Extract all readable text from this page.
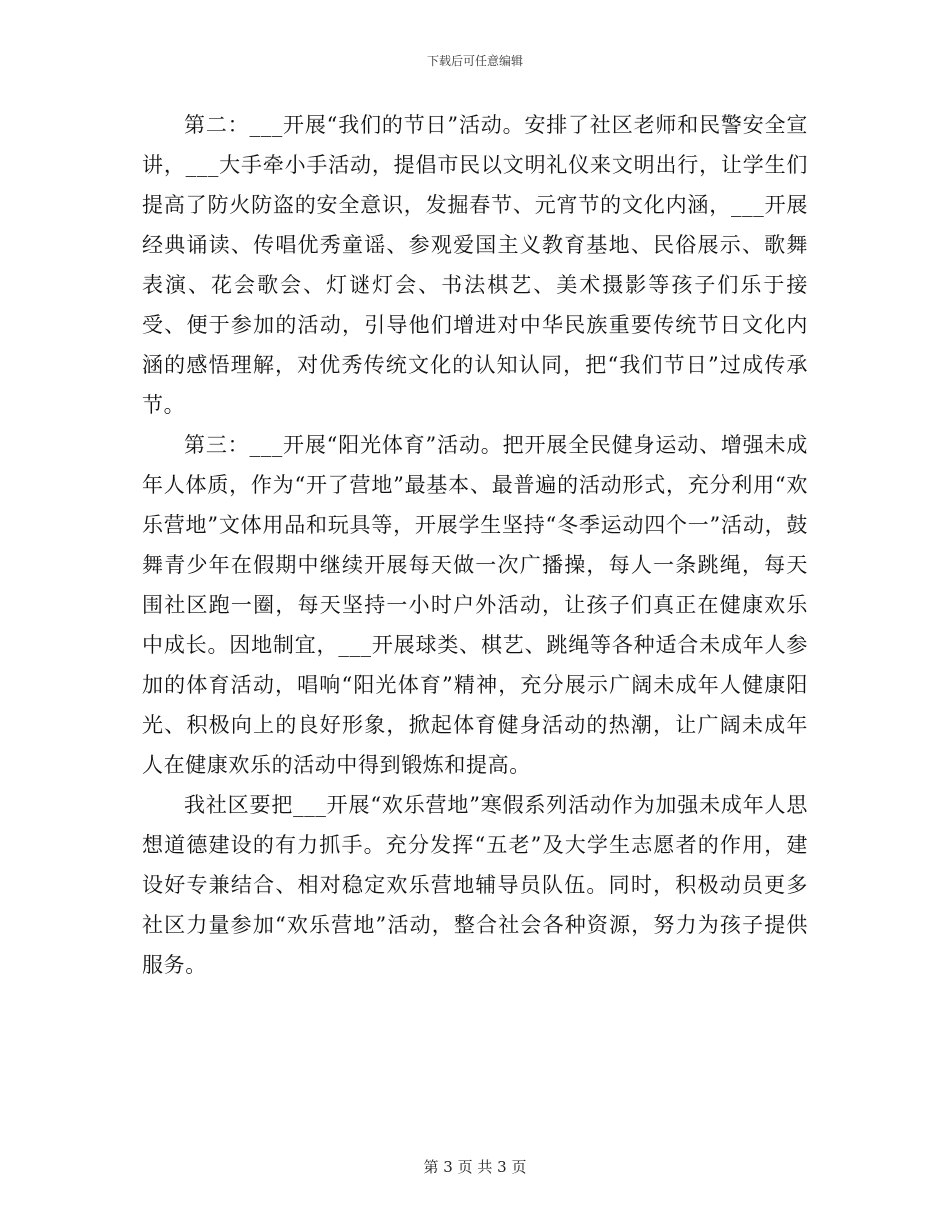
下载后可任意编辑

第二：___开展“我们的节日”活动。安排了社区老师和民警安全宣讲，___大手牵小手活动，提倡市民以文明礼仪来文明出行，让学生们提高了防火防盗的安全意识，发掘春节、元宵节的文化内涵，___开展经典诵读、传唱优秀童谣、参观爱国主义教育基地、民俗展示、歌舞表演、花会歌会、灯谜灯会、书法棋艺、美术摄影等孩子们乐于接受、便于参加的活动，引导他们增进对中华民族重要传统节日文化内涵的感悟理解，对优秀传统文化的认知认同，把“我们节日”过成传承节。

第三：___开展“阳光体育”活动。把开展全民健身运动、增强未成年人体质，作为“开了营地”最基本、最普遍的活动形式，充分利用“欢乐营地”文体用品和玩具等，开展学生坚持“冬季运动四个一”活动，鼓舞青少年在假期中继续开展每天做一次广播操，每人一条跳绳，每天围社区跑一圈，每天坚持一小时户外活动，让孩子们真正在健康欢乐中成长。因地制宜，___开展球类、棋艺、跳绳等各种适合未成年人参加的体育活动，唱响“阳光体育”精神，充分展示广阔未成年人健康阳光、积极向上的良好形象，掀起体育健身活动的热潮，让广阔未成年人在健康欢乐的活动中得到锻炼和提高。

我社区要把___开展“欢乐营地”寒假系列活动作为加强未成年人思想道德建设的有力抓手。充分发挥“五老”及大学生志愿者的作用，建设好专兼结合、相对稳定欢乐营地辅导员队伍。同时，积极动员更多社区力量参加“欢乐营地”活动，整合社会各种资源，努力为孩子提供服务。

第 3 页 共 3 页
